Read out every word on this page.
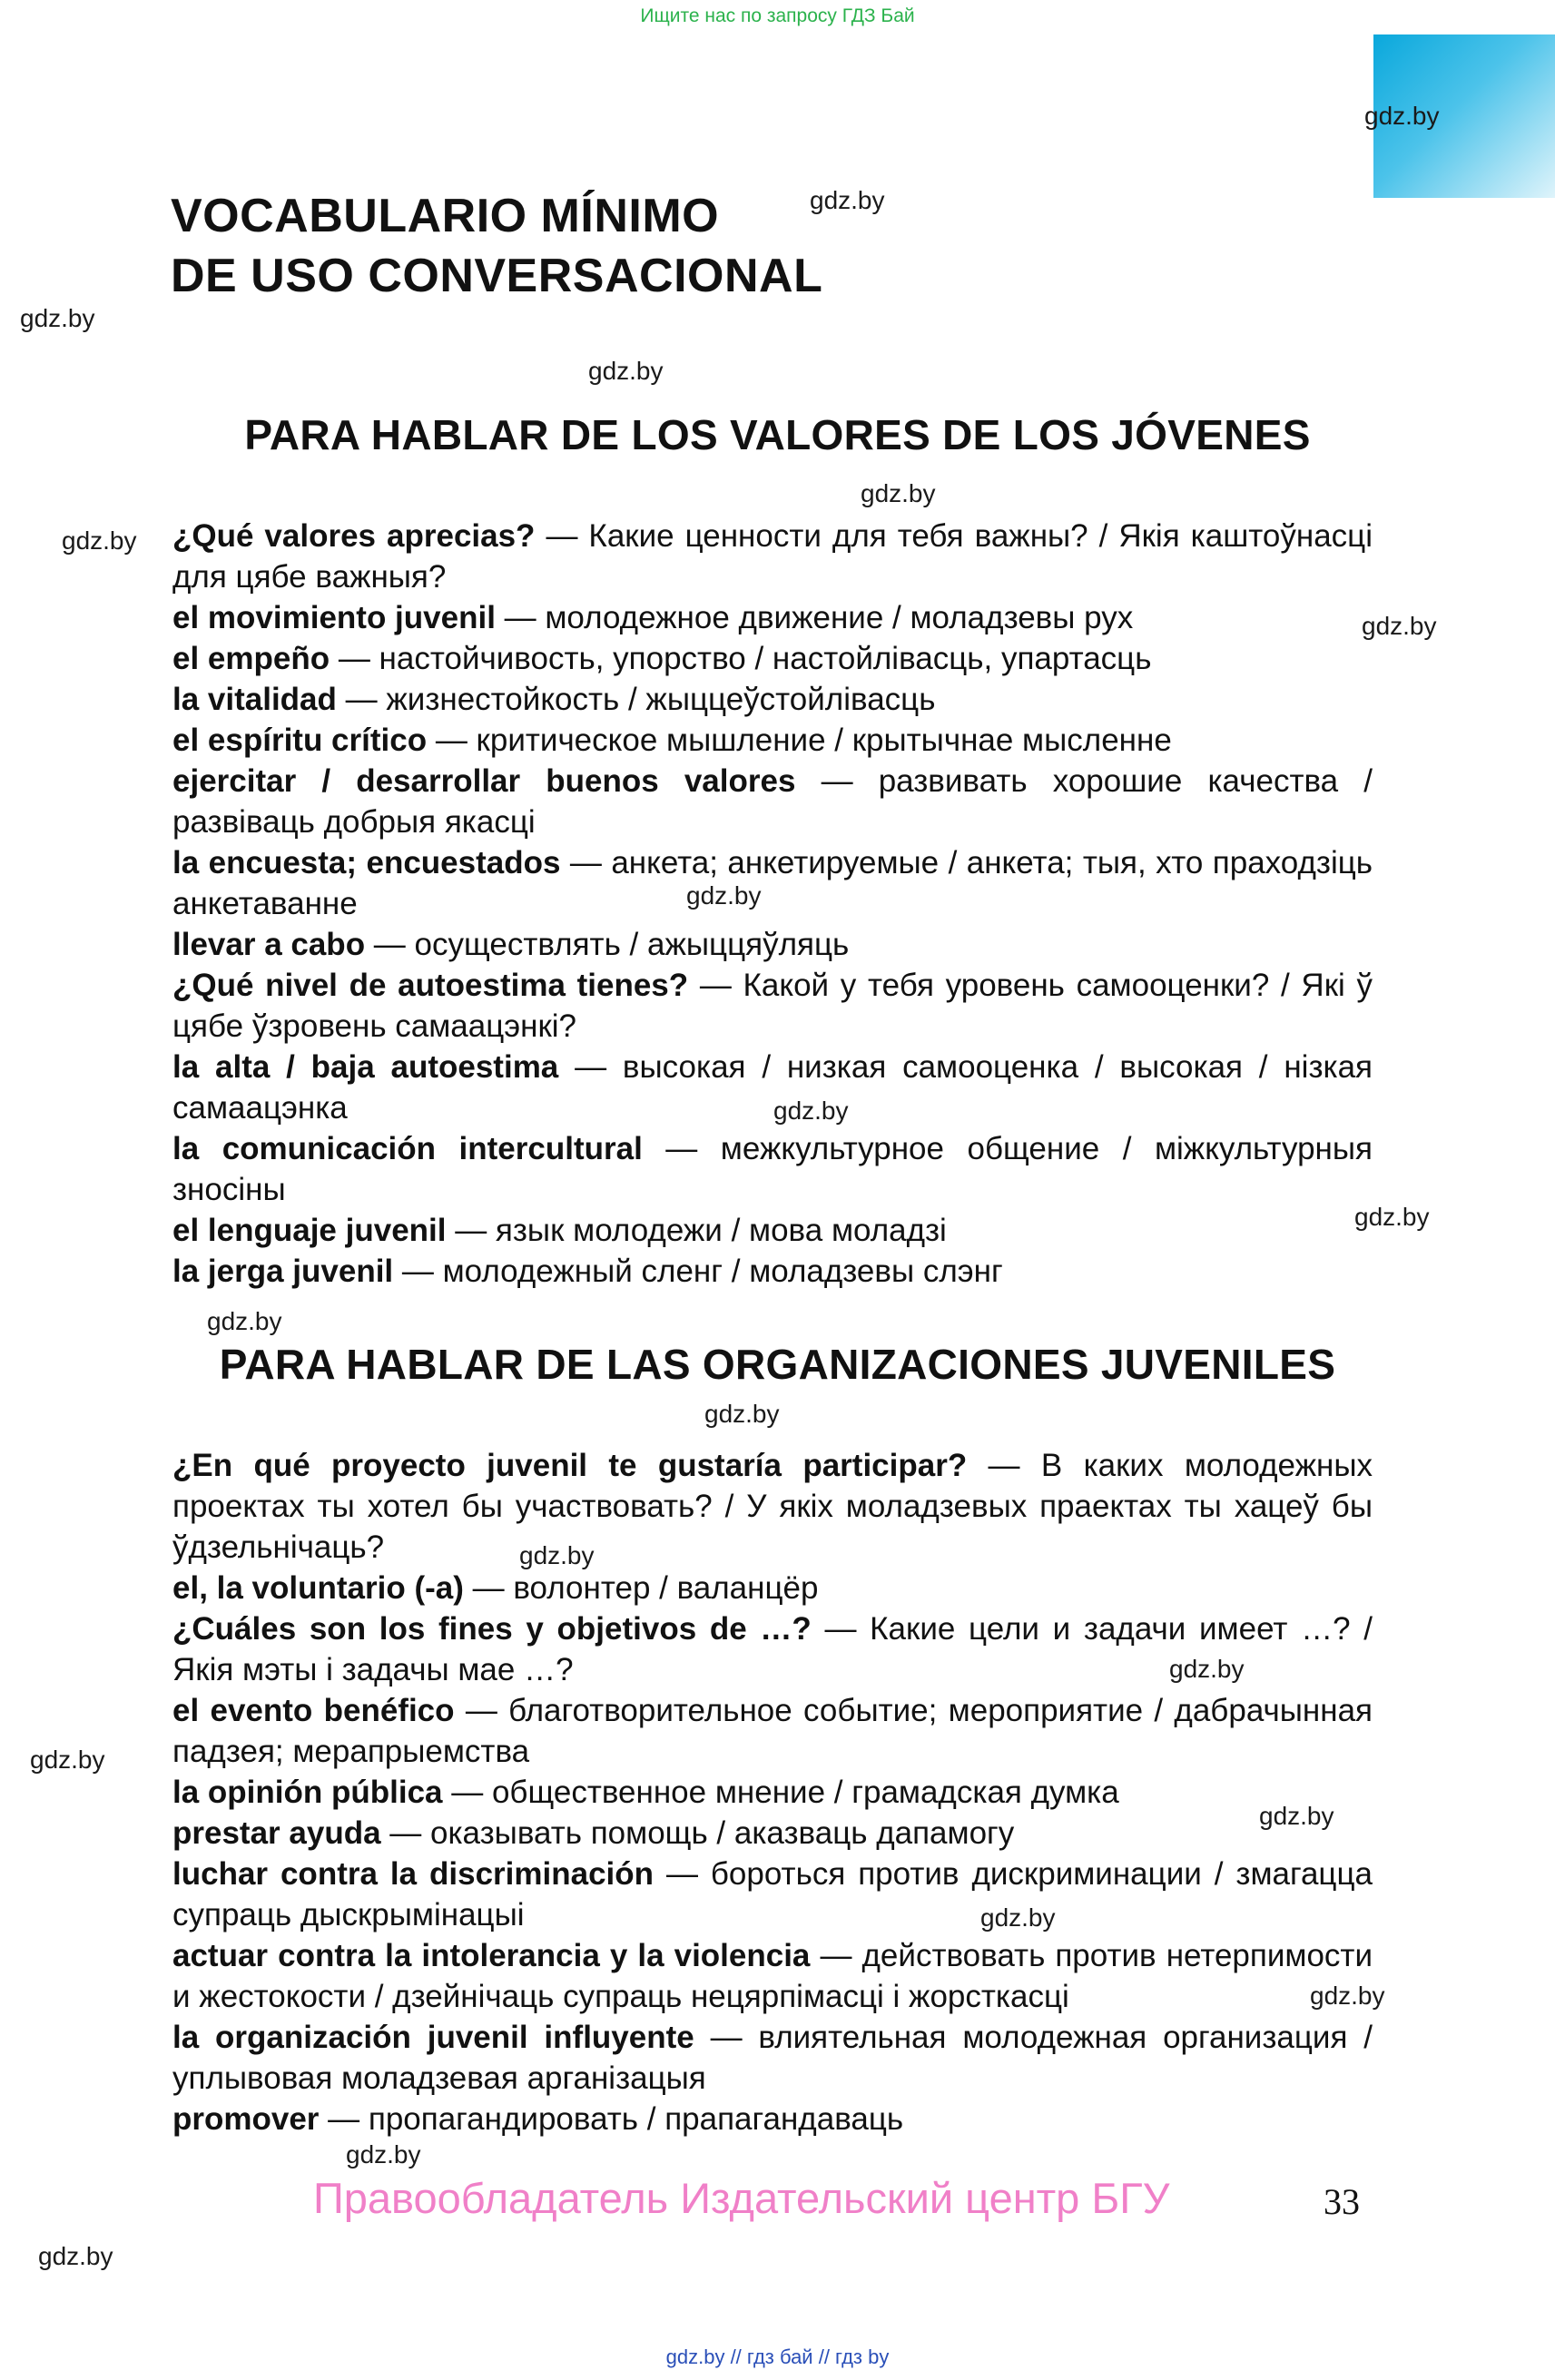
Ищите нас по запросу ГДЗ Бай
gdz.by
gdz.by
gdz.by
gdz.by
gdz.by
gdz.by
gdz.by
gdz.by
gdz.by
gdz.by
gdz.by
gdz.by
gdz.by
gdz.by
gdz.by
gdz.by
gdz.by
gdz.by
gdz.by
gdz.by
VOCABULARIO MÍNIMO
DE USO CONVERSACIONAL
PARA HABLAR DE LOS VALORES DE LOS JÓVENES

¿Qué valores aprecias? — Какие ценности для тебя важны? / Якія каштоўнасці для цябе важныя?

el movimiento juvenil — молодежное движение / моладзевы рух

el empeño — настойчивость, упорство / настойлівасць, упартасць

la vitalidad — жизнестойкость / жыццеўстойлівасць

el espíritu crítico — критическое мышление / крытычнае мысленне

ejercitar / desarrollar buenos valores — развивать хорошие качества / развіваць добрыя якасці

la encuesta; encuestados — анкета; анкетируемые / анкета; тыя, хто праходзіць анкетаванне

llevar a cabo — осуществлять / ажыццяўляць

¿Qué nivel de autoestima tienes? — Какой у тебя уровень самооценки? / Які ў цябе ўзровень самаацэнкі?

la alta / baja autoestima — высокая / низкая самооценка / высокая / нізкая самаацэнка

la comunicación intercultural — межкультурное общение / міжкультурныя зносіны

el lenguaje juvenil — язык молодежи / мова моладзі

la jerga juvenil — молодежный сленг / моладзевы слэнг

PARA HABLAR DE LAS ORGANIZACIONES JUVENILES

¿En qué proyecto juvenil te gustaría participar? — В каких молодежных проектах ты хотел бы участвовать? / У якіх моладзевых праектах ты хацеў бы ўдзельнічаць?

el, la voluntario (-a) — волонтер / валанцёр

¿Cuáles son los fines y objetivos de …? — Какие цели и задачи имеет …? / Якія мэты і задачы мае …?

el evento benéfico — благотворительное событие; мероприятие / дабрачынная падзея; мерапрыемства

la opinión pública — общественное мнение / грамадская думка

prestar ayuda — оказывать помощь / аказваць дапамогу

luchar contra la discriminación — бороться против дискриминации / змагацца супраць дыскрымінацыі

actuar contra la intolerancia y la violencia — действовать против нетерпимости и жестокости / дзейнічаць супраць нецярпімасці і жорсткасці

la organización juvenil influyente — влиятельная молодежная организация / уплывовая моладзевая арганізацыя

promover — пропагандировать / прапагандаваць

Правообладатель Издательский центр БГУ	33
gdz.by // гдз бай // гдз by
